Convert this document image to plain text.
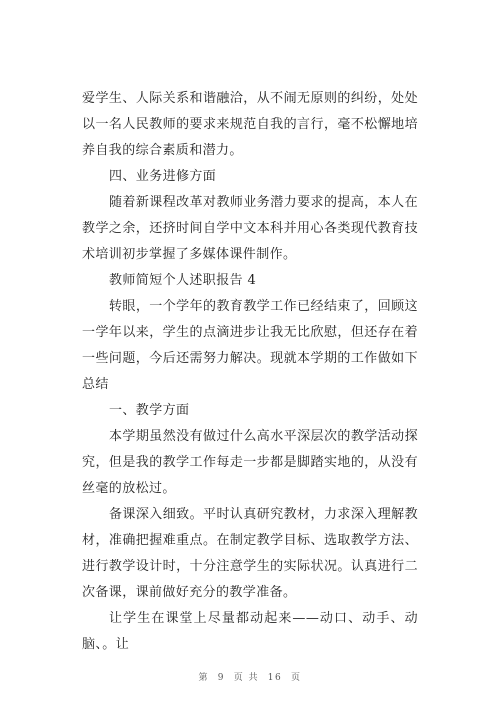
爱学生、人际关系和谐融洽，从不闹无原则的纠纷，处处以一名人民教师的要求来规范自我的言行，毫不松懈地培养自我的综合素质和潜力。

四、业务进修方面

随着新课程改革对教师业务潜力要求的提高，本人在教学之余，还挤时间自学中文本科并用心各类现代教育技术培训初步掌握了多媒体课件制作。

教师简短个人述职报告 4

转眼，一个学年的教育教学工作已经结束了，回顾这一学年以来，学生的点滴进步让我无比欣慰，但还存在着一些问题，今后还需努力解决。现就本学期的工作做如下总结

一、教学方面

本学期虽然没有做过什么高水平深层次的教学活动探究，但是我的教学工作每走一步都是脚踏实地的，从没有丝毫的放松过。

备课深入细致。平时认真研究教材，力求深入理解教材，准确把握难重点。在制定教学目标、选取教学方法、进行教学设计时，十分注意学生的实际状况。认真进行二次备课，课前做好充分的教学准备。

让学生在课堂上尽量都动起来——动口、动手、动脑、。让

第  9  页 共  16  页
